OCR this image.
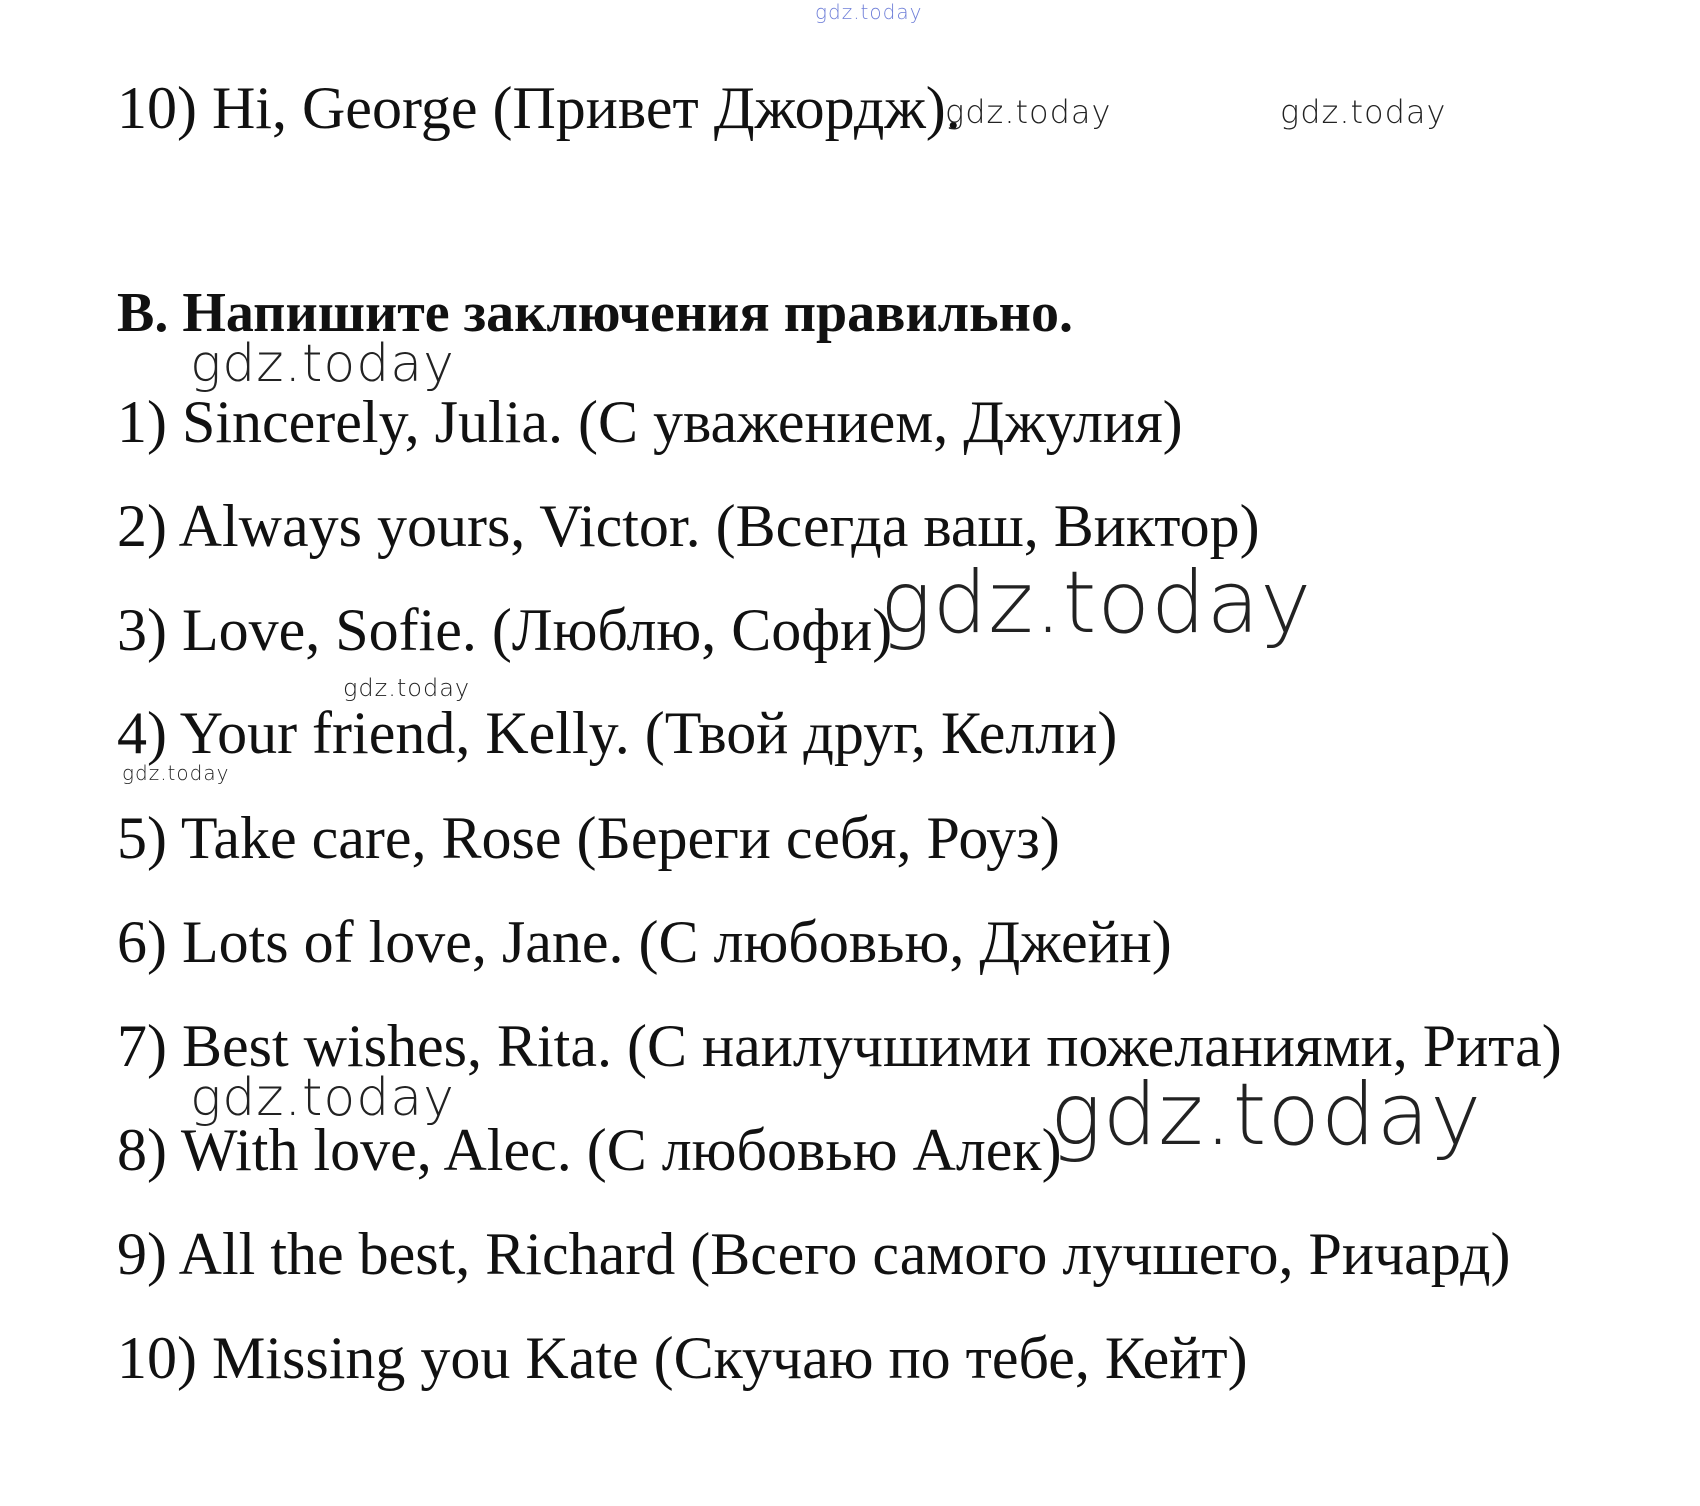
gdz.today
10) Hi, George (Привет Джордж).
gdz.today	gdz.today
B. Напишите заключения правильно.
gdz.today
1) Sincerely, Julia. (С уважением, Джулия)
2) Always yours, Victor. (Всегда ваш, Виктор)
3) Love, Sofie. (Люблю, Софи)
gdz.today
gdz.today
4) Your friend, Kelly. (Твой друг, Келли)
gdz.today
5) Take care, Rose (Береги себя, Роуз)
6) Lots of love, Jane. (С любовью, Джейн)
7) Best wishes, Rita. (С наилучшими пожеланиями, Рита)
gdz.today
8) With love, Alec. (С любовью Алек)
gdz.today
9) All the best, Richard (Всего самого лучшего, Ричард)
10) Missing you Kate (Скучаю по тебе, Кейт)
